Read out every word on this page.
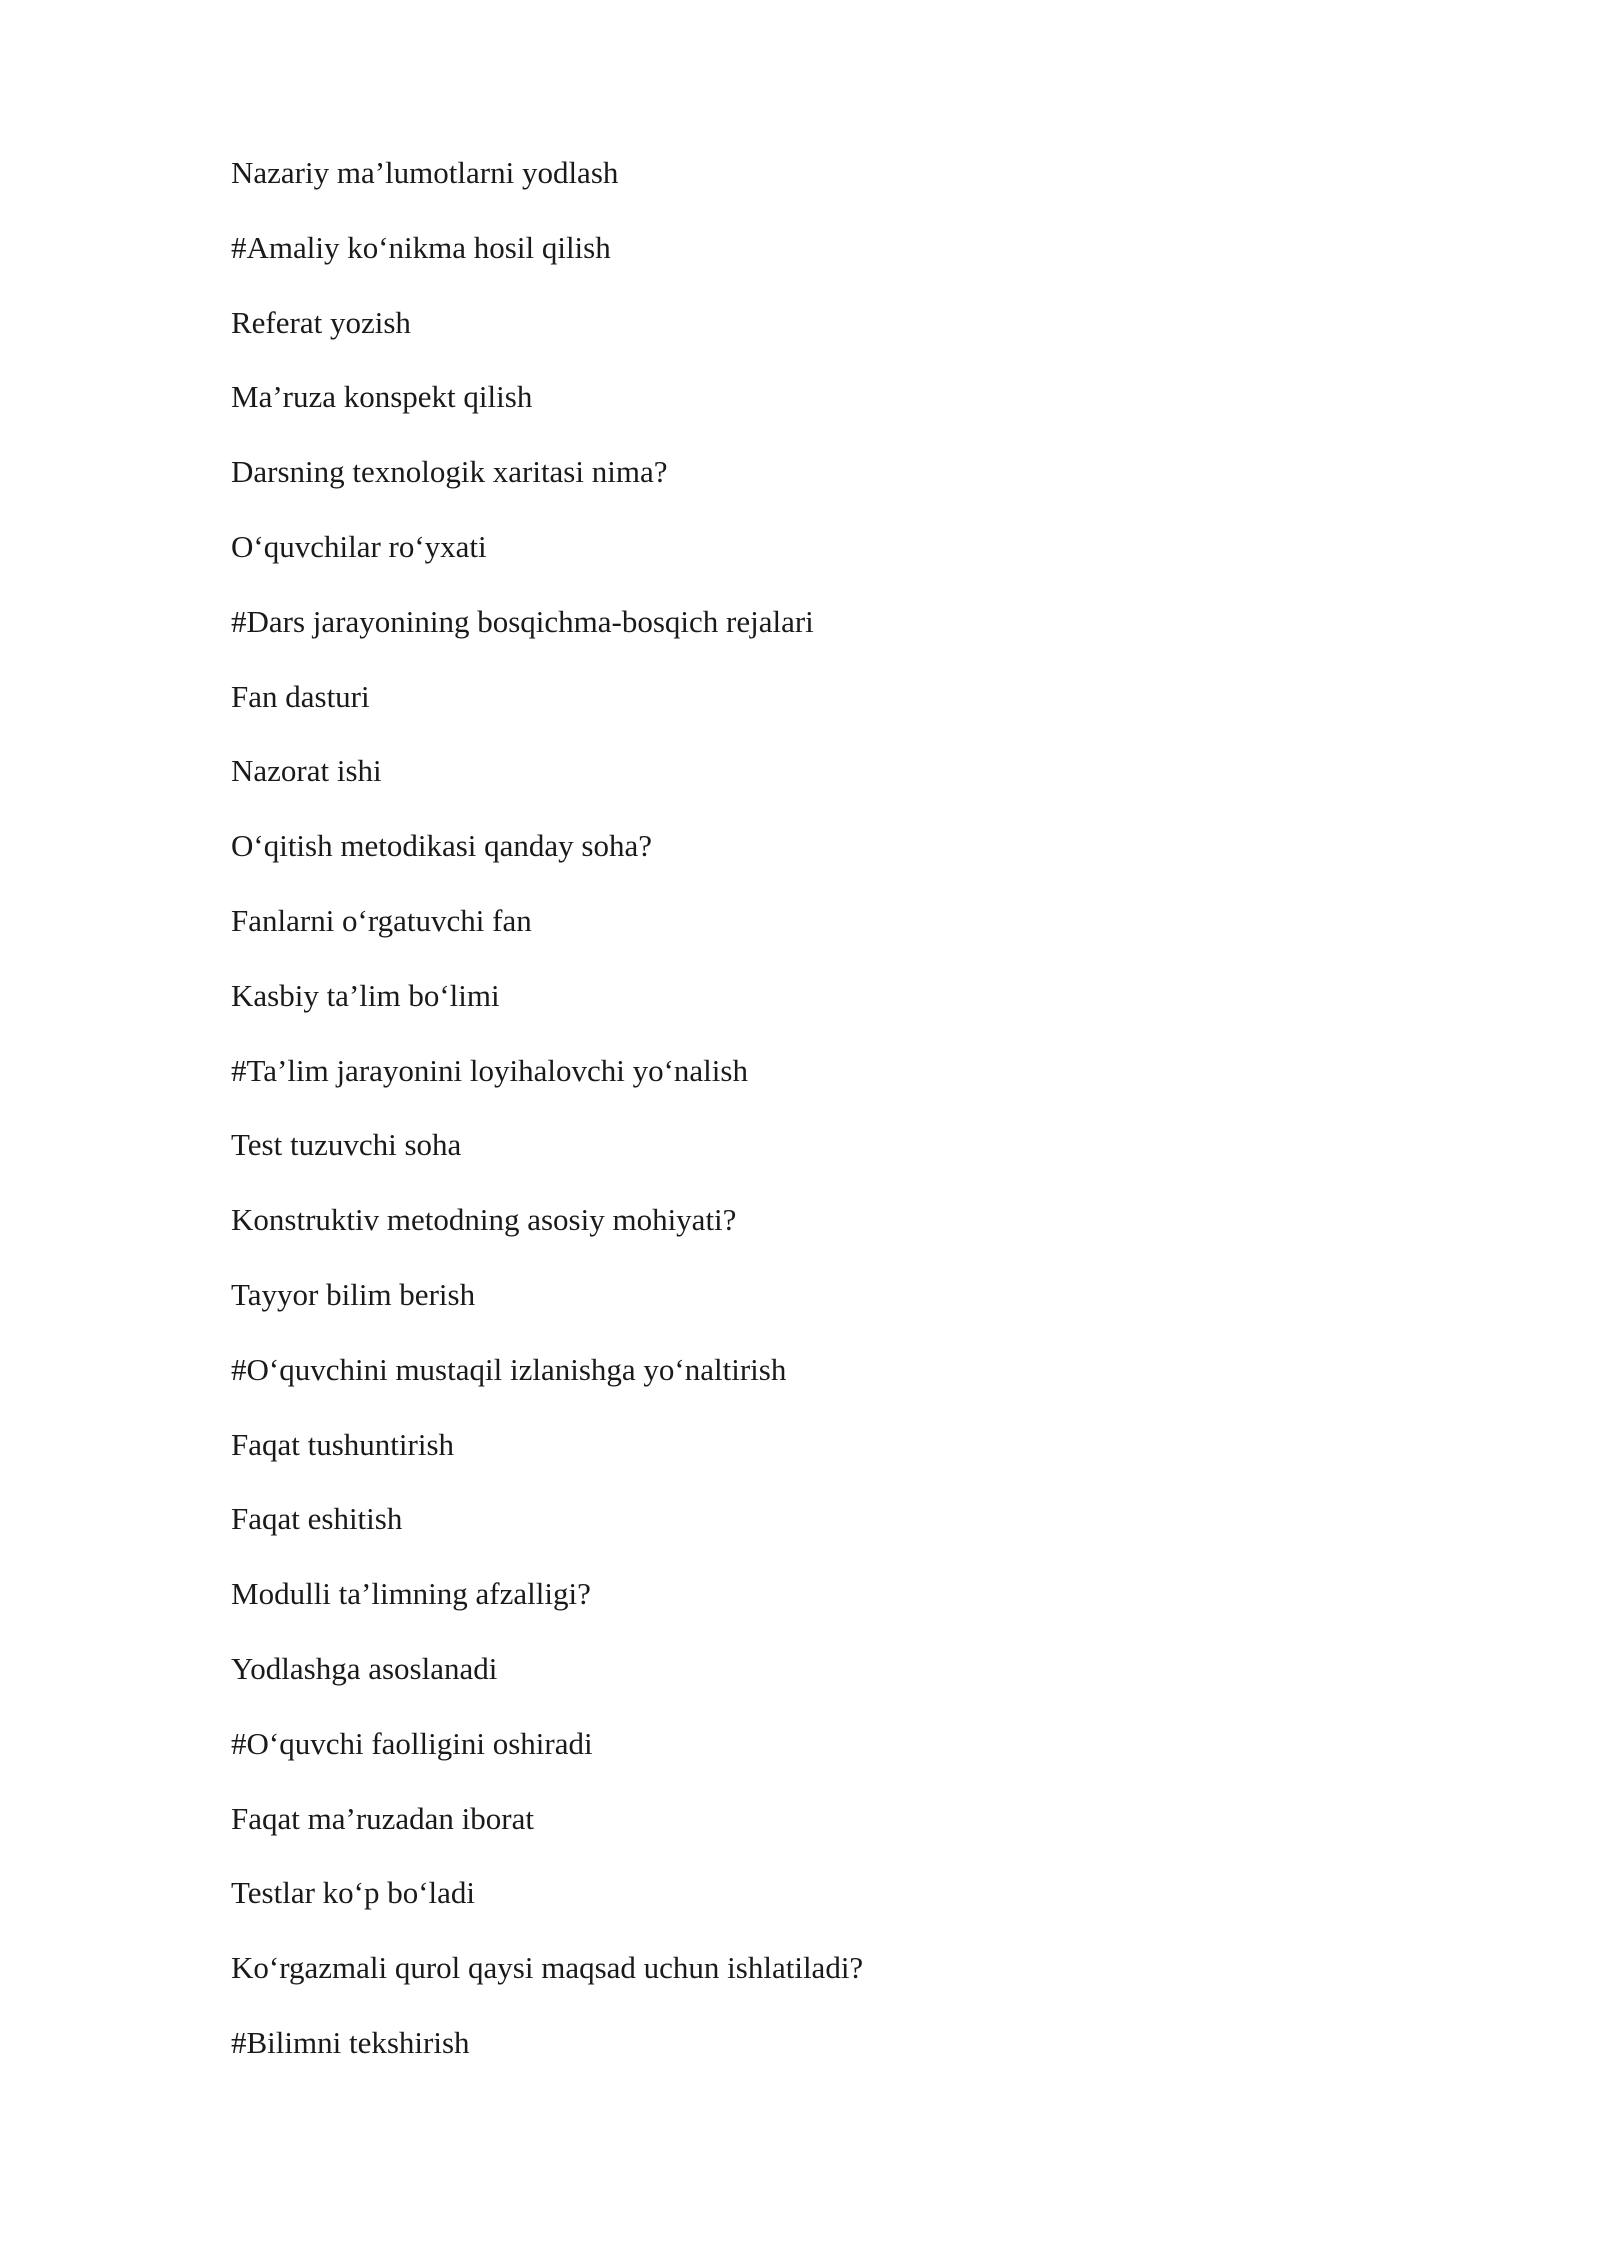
Nazariy ma’lumotlarni yodlash
#Amaliy ko‘nikma hosil qilish
Referat yozish
Ma’ruza konspekt qilish
Darsning texnologik xaritasi nima?
O‘quvchilar ro‘yxati
#Dars jarayonining bosqichma-bosqich rejalari
Fan dasturi
Nazorat ishi
O‘qitish metodikasi qanday soha?
Fanlarni o‘rgatuvchi fan
Kasbiy ta’lim bo‘limi
#Ta’lim jarayonini loyihalovchi yo‘nalish
Test tuzuvchi soha
Konstruktiv metodning asosiy mohiyati?
Tayyor bilim berish
#O‘quvchini mustaqil izlanishga yo‘naltirish
Faqat tushuntirish
Faqat eshitish
Modulli ta’limning afzalligi?
Yodlashga asoslanadi
#O‘quvchi faolligini oshiradi
Faqat ma’ruzadan iborat
Testlar ko‘p bo‘ladi
Ko‘rgazmali qurol qaysi maqsad uchun ishlatiladi?
#Bilimni tekshirish
